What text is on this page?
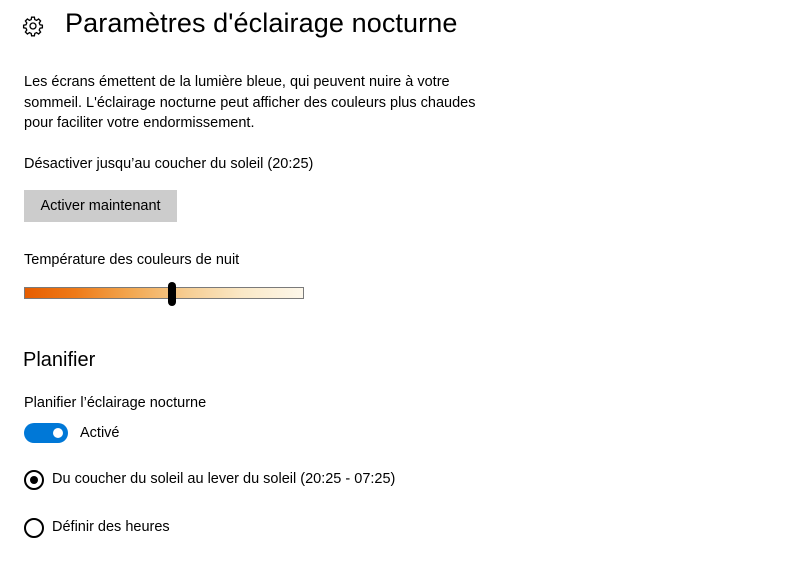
Paramètres d'éclairage nocturne
Les écrans émettent de la lumière bleue, qui peuvent nuire à votre sommeil. L'éclairage nocturne peut afficher des couleurs plus chaudes pour faciliter votre endormissement.
Désactiver jusqu’au coucher du soleil (20:25)
Activer maintenant
Température des couleurs de nuit
Planifier
Planifier l’éclairage nocturne
Activé
Du coucher du soleil au lever du soleil (20:25 - 07:25)
Définir des heures
